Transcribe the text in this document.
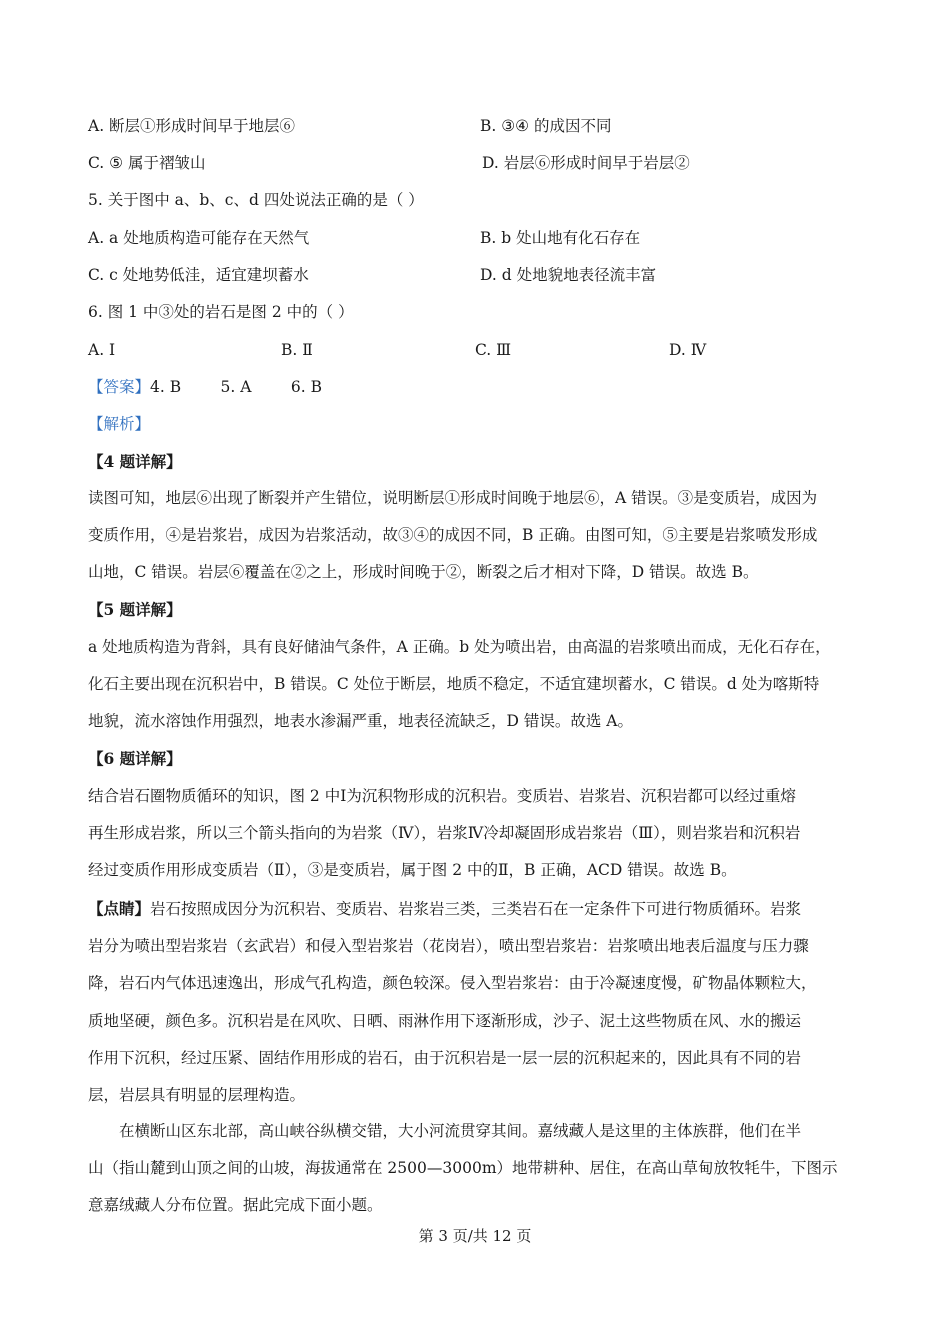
A. 断层①形成时间早于地层⑥	B. ③④ 的成因不同
C. ⑤ 属于褶皱山	D. 岩层⑥形成时间早于岩层②
5. 关于图中 a、b、c、d 四处说法正确的是（ ）
A. a 处地质构造可能存在天然气	B. b 处山地有化石存在
C. c 处地势低洼，适宜建坝蓄水	D. d 处地貌地表径流丰富
6. 图 1 中③处的岩石是图 2 中的（ ）
A. Ⅰ	B. Ⅱ	C. Ⅲ	D. Ⅳ
【答案】4. B        5. A        6. B
【解析】
【4 题详解】
读图可知，地层⑥出现了断裂并产生错位，说明断层①形成时间晚于地层⑥，A 错误。③是变质岩，成因为
变质作用，④是岩浆岩，成因为岩浆活动，故③④的成因不同，B 正确。由图可知，⑤主要是岩浆喷发形成
山地，C 错误。岩层⑥覆盖在②之上，形成时间晚于②，断裂之后才相对下降，D 错误。故选 B。
【5 题详解】
a 处地质构造为背斜，具有良好储油气条件，A 正确。b 处为喷出岩，由高温的岩浆喷出而成，无化石存在，
化石主要出现在沉积岩中，B 错误。C 处位于断层，地质不稳定，不适宜建坝蓄水，C 错误。d 处为喀斯特
地貌，流水溶蚀作用强烈，地表水渗漏严重，地表径流缺乏，D 错误。故选 A。
【6 题详解】
结合岩石圈物质循环的知识，图 2 中Ⅰ为沉积物形成的沉积岩。变质岩、岩浆岩、沉积岩都可以经过重熔
再生形成岩浆，所以三个箭头指向的为岩浆（Ⅳ），岩浆Ⅳ冷却凝固形成岩浆岩（Ⅲ），则岩浆岩和沉积岩
经过变质作用形成变质岩（Ⅱ），③是变质岩，属于图 2 中的Ⅱ，B 正确，ACD 错误。故选 B。
【点睛】岩石按照成因分为沉积岩、变质岩、岩浆岩三类，三类岩石在一定条件下可进行物质循环。岩浆
岩分为喷出型岩浆岩（玄武岩）和侵入型岩浆岩（花岗岩），喷出型岩浆岩：岩浆喷出地表后温度与压力骤
降，岩石内气体迅速逸出，形成气孔构造，颜色较深。侵入型岩浆岩：由于冷凝速度慢，矿物晶体颗粒大，
质地坚硬，颜色多。沉积岩是在风吹、日晒、雨淋作用下逐渐形成，沙子、泥土这些物质在风、水的搬运
作用下沉积，经过压紧、固结作用形成的岩石，由于沉积岩是一层一层的沉积起来的，因此具有不同的岩
层，岩层具有明显的层理构造。
在横断山区东北部，高山峡谷纵横交错，大小河流贯穿其间。嘉绒藏人是这里的主体族群，他们在半
山（指山麓到山顶之间的山坡，海拔通常在 2500—3000m）地带耕种、居住，在高山草甸放牧牦牛，下图示
意嘉绒藏人分布位置。据此完成下面小题。
第 3 页/共 12 页
